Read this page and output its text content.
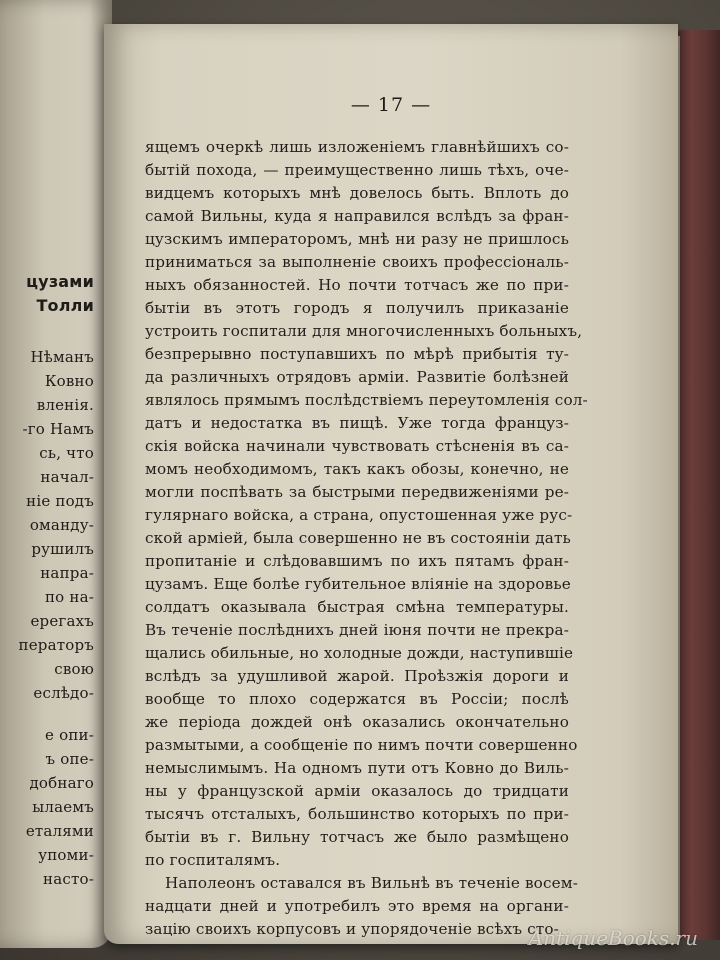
цузами
Толли
Нѣманъ
Ковно
вленія.
-го Намъ
сь, что
начал-
ніе подъ
оманду-
рушилъ
напра-
по на-
ерегахъ
ператоръ
свою
еслѣдо-
е опи-
ъ опе-
добнаго
ылаемъ
еталями
упоми-
насто-
— 17 —
ящемъ очеркѣ лишь изложеніемъ главнѣйшихъ со-
бытій похода, — преимущественно лишь тѣхъ, оче-
видцемъ которыхъ мнѣ довелось быть. Вплоть до
самой Вильны, куда я направился вслѣдъ за фран-
цузскимъ императоромъ, мнѣ ни разу не пришлось
приниматься за выполненіе своихъ профессіональ-
ныхъ обязанностей. Но почти тотчасъ же по при-
бытіи въ этотъ городъ я получилъ приказаніе
устроить госпитали для многочисленныхъ больныхъ,
безпрерывно поступавшихъ по мѣрѣ прибытія ту-
да различныхъ отрядовъ арміи. Развитіе болѣзней
являлось прямымъ послѣдствіемъ переутомленія сол-
датъ и недостатка въ пищѣ. Уже тогда француз-
скія войска начинали чувствовать стѣсненія въ са-
момъ необходимомъ, такъ какъ обозы, конечно, не
могли поспѣвать за быстрыми передвиженіями ре-
гулярнаго войска, а страна, опустошенная уже рус-
ской арміей, была совершенно не въ состояніи дать
пропитаніе и слѣдовавшимъ по ихъ пятамъ фран-
цузамъ. Еще болѣе губительное вліяніе на здоровье
солдатъ оказывала быстрая смѣна температуры.
Въ теченіе послѣднихъ дней іюня почти не прекра-
щались обильные, но холодные дожди, наступившіе
вслѣдъ за удушливой жарой. Проѣзжія дороги и
вообще то плохо содержатся въ Россіи; послѣ
же періода дождей онѣ оказались окончательно
размытыми, а сообщеніе по нимъ почти совершенно
немыслимымъ. На одномъ пути отъ Ковно до Виль-
ны у французской арміи оказалось до тридцати
тысячъ отсталыхъ, большинство которыхъ по при-
бытіи въ г. Вильну тотчасъ же было размѣщено
по госпиталямъ.
Наполеонъ оставался въ Вильнѣ въ теченіе восем-
надцати дней и употребилъ это время на органи-
зацію своихъ корпусовъ и упорядоченіе всѣхъ сто-
AntiqueBooks.ru
